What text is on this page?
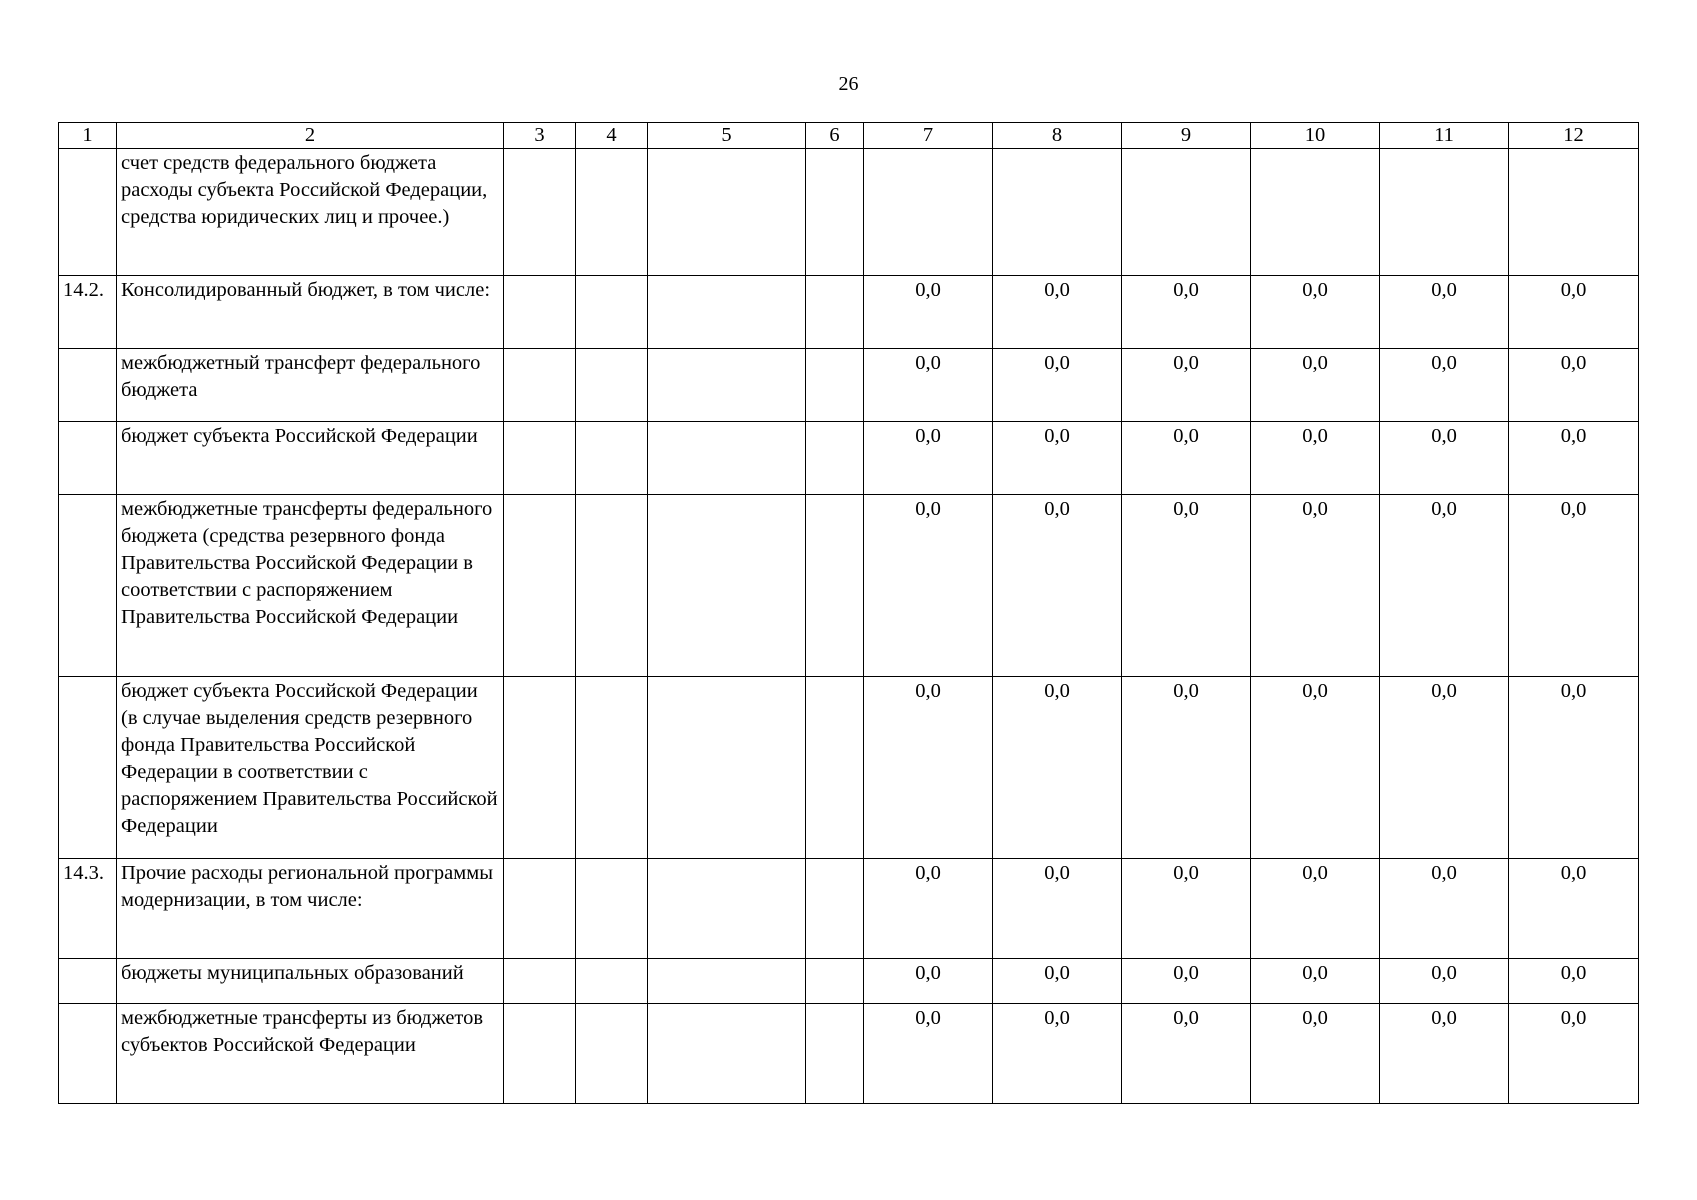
26
1	2	3	4	5	6	7	8	9	10	11	12
	счет средств федерального бюджета расходы субъекта Российской Федерации, средства юридических лиц и прочее.)										
14.2.	Консолидированный бюджет, в том числе:					0,0	0,0	0,0	0,0	0,0	0,0
	межбюджетный трансферт федерального бюджета					0,0	0,0	0,0	0,0	0,0	0,0
	бюджет субъекта Российской Федерации					0,0	0,0	0,0	0,0	0,0	0,0
	межбюджетные трансферты федерального бюджета (средства резервного фонда Правительства Российской Федерации в соответствии с распоряжением Правительства Российской Федерации					0,0	0,0	0,0	0,0	0,0	0,0
	бюджет субъекта Российской Федерации (в случае выделения средств резервного фонда Правительства Российской Федерации в соответствии с распоряжением Правительства Российской Федерации					0,0	0,0	0,0	0,0	0,0	0,0
14.3.	Прочие расходы региональной программы модернизации, в том числе:					0,0	0,0	0,0	0,0	0,0	0,0
	бюджеты муниципальных образований					0,0	0,0	0,0	0,0	0,0	0,0
	межбюджетные трансферты из бюджетов субъектов Российской Федерации					0,0	0,0	0,0	0,0	0,0	0,0
